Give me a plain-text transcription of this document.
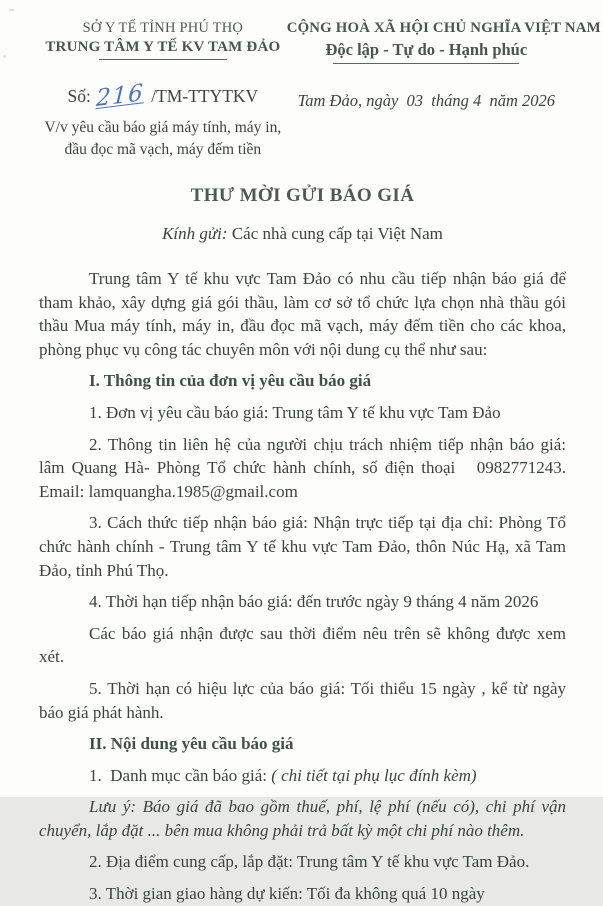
SỞ Y TẾ TỈNH PHÚ THỌ
TRUNG TÂM Y TẾ KV TAM ĐẢO
Số: 216 /TM-TTYTKV
V/v yêu cầu báo giá máy tính, máy in,
đầu đọc mã vạch, máy đếm tiền
CỘNG HOÀ XÃ HỘI CHỦ NGHĨA VIỆT NAM
Độc lập - Tự do - Hạnh phúc
Tam Đảo, ngày  03  tháng 4  năm 2026
THƯ MỜI GỬI BÁO GIÁ
Kính gửi: Các nhà cung cấp tại Việt Nam

Trung tâm Y tế khu vực Tam Đảo có nhu cầu tiếp nhận báo giá để tham khảo, xây dựng giá gói thầu, làm cơ sở tổ chức lựa chọn nhà thầu gói thầu Mua máy tính, máy in, đầu đọc mã vạch, máy đếm tiền cho các khoa, phòng phục vụ công tác chuyên môn với nội dung cụ thể như sau:

I. Thông tin của đơn vị yêu cầu báo giá

1. Đơn vị yêu cầu báo giá: Trung tâm Y tế khu vực Tam Đảo

2. Thông tin liên hệ của người chịu trách nhiệm tiếp nhận báo giá: lâm Quang Hà- Phòng Tổ chức hành chính, số điện thoại   0982771243. Email: lamquangha.1985@gmail.com

3. Cách thức tiếp nhận báo giá: Nhận trực tiếp tại địa chỉ: Phòng Tổ chức hành chính - Trung tâm Y tế khu vực Tam Đảo, thôn Núc Hạ, xã Tam Đảo, tỉnh Phú Thọ.

4. Thời hạn tiếp nhận báo giá: đến trước ngày 9 tháng 4 năm 2026

Các báo giá nhận được sau thời điểm nêu trên sẽ không được xem xét.

5. Thời hạn có hiệu lực của báo giá: Tối thiểu 15 ngày , kể từ ngày báo giá phát hành.

II. Nội dung yêu cầu báo giá

1.  Danh mục cần báo giá: ( chi tiết tại phụ lục đính kèm)

Lưu ý: Báo giá đã bao gồm thuế, phí, lệ phí (nếu có), chi phí vận chuyển, lắp đặt ... bên mua không phải trả bất kỳ một chi phí nào thêm.

2. Địa điểm cung cấp, lắp đặt: Trung tâm Y tế khu vực Tam Đảo.

3. Thời gian giao hàng dự kiến: Tối đa không quá 10 ngày
